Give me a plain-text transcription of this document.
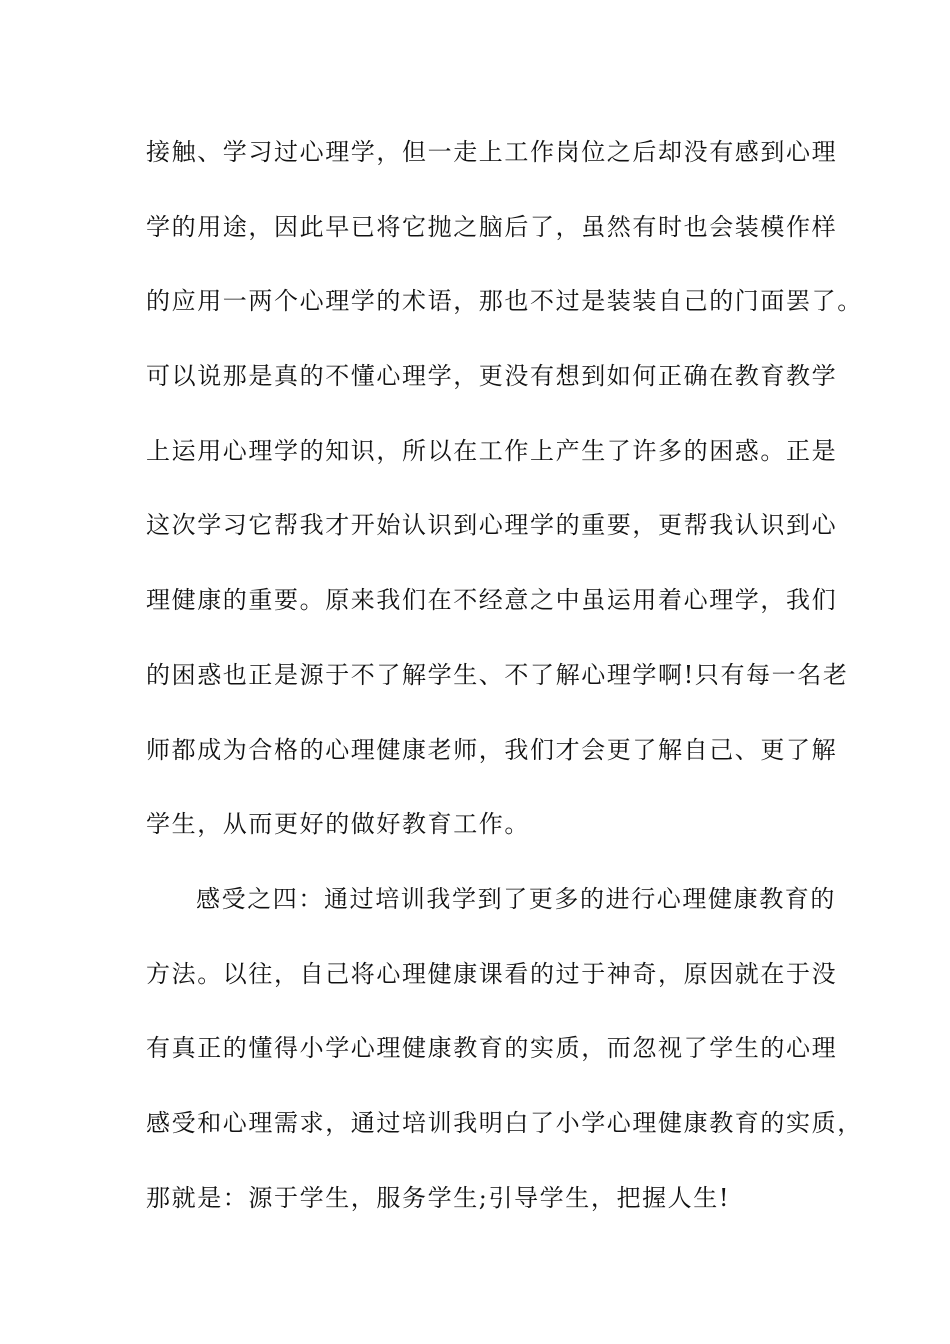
接触、学习过心理学，但一走上工作岗位之后却没有感到心理
学的用途，因此早已将它抛之脑后了，虽然有时也会装模作样
的应用一两个心理学的术语，那也不过是装装自己的门面罢了。
可以说那是真的不懂心理学，更没有想到如何正确在教育教学
上运用心理学的知识，所以在工作上产生了许多的困惑。正是
这次学习它帮我才开始认识到心理学的重要，更帮我认识到心
理健康的重要。原来我们在不经意之中虽运用着心理学，我们
的困惑也正是源于不了解学生、不了解心理学啊!只有每一名老
师都成为合格的心理健康老师，我们才会更了解自己、更了解
学生，从而更好的做好教育工作。
感受之四：通过培训我学到了更多的进行心理健康教育的
方法。以往，自己将心理健康课看的过于神奇，原因就在于没
有真正的懂得小学心理健康教育的实质，而忽视了学生的心理
感受和心理需求，通过培训我明白了小学心理健康教育的实质，
那就是：源于学生，服务学生;引导学生，把握人生!
